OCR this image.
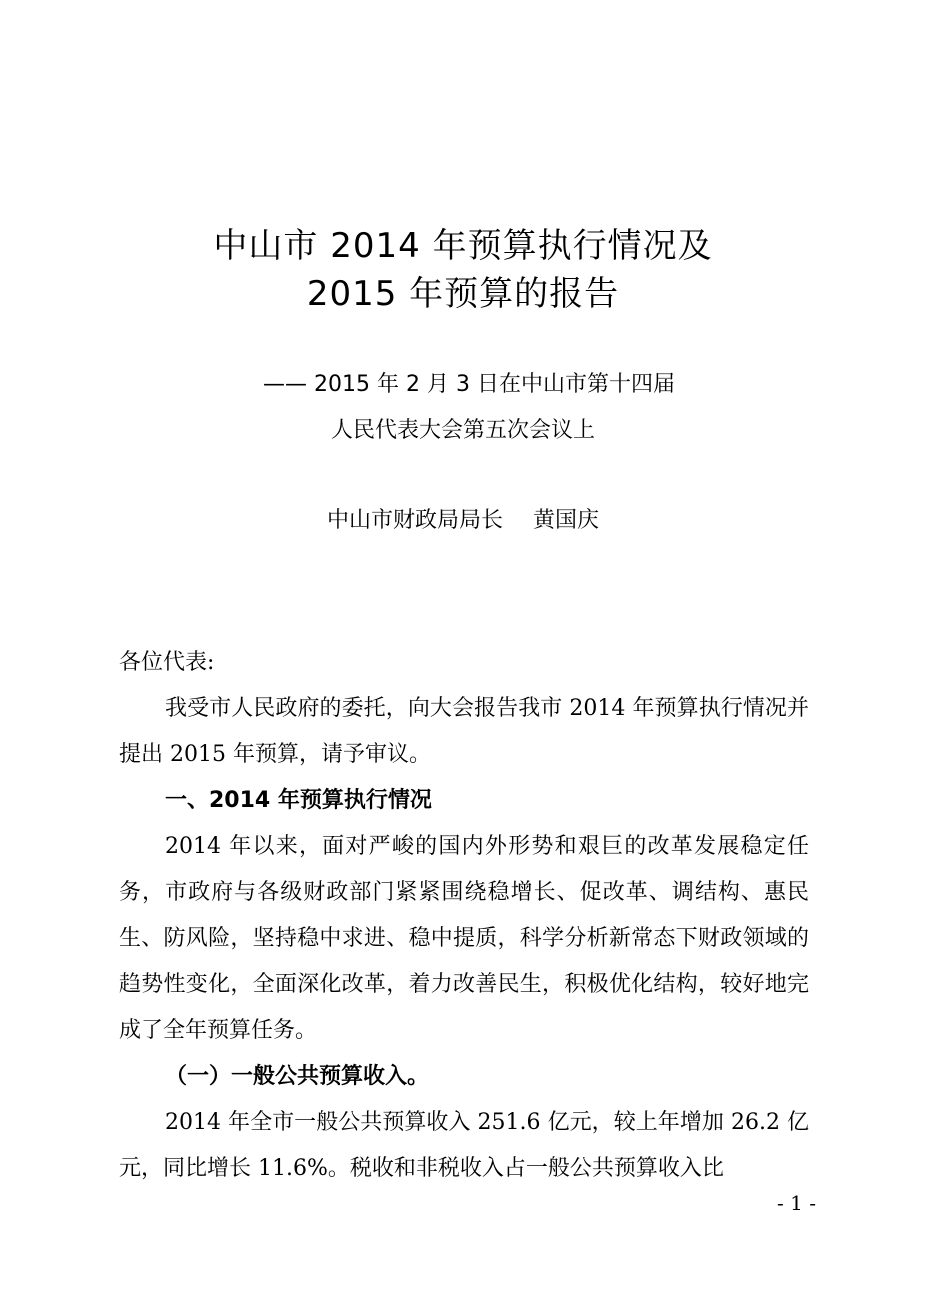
中山市 2014 年预算执行情况及
2015 年预算的报告
—— 2015 年 2 月 3 日在中山市第十四届
人民代表大会第五次会议上
中山市财政局局长 黄国庆

各位代表:

我受市人民政府的委托，向大会报告我市 2014 年预算执行情况并提出 2015 年预算，请予审议。

一、2014 年预算执行情况

2014 年以来，面对严峻的国内外形势和艰巨的改革发展稳定任务，市政府与各级财政部门紧紧围绕稳增长、促改革、调结构、惠民生、防风险，坚持稳中求进、稳中提质，科学分析新常态下财政领域的趋势性变化，全面深化改革，着力改善民生，积极优化结构，较好地完成了全年预算任务。

（一）一般公共预算收入。

2014 年全市一般公共预算收入 251.6 亿元，较上年增加 26.2 亿元，同比增长 11.6%。税收和非税收入占一般公共预算收入比

- 1 -
